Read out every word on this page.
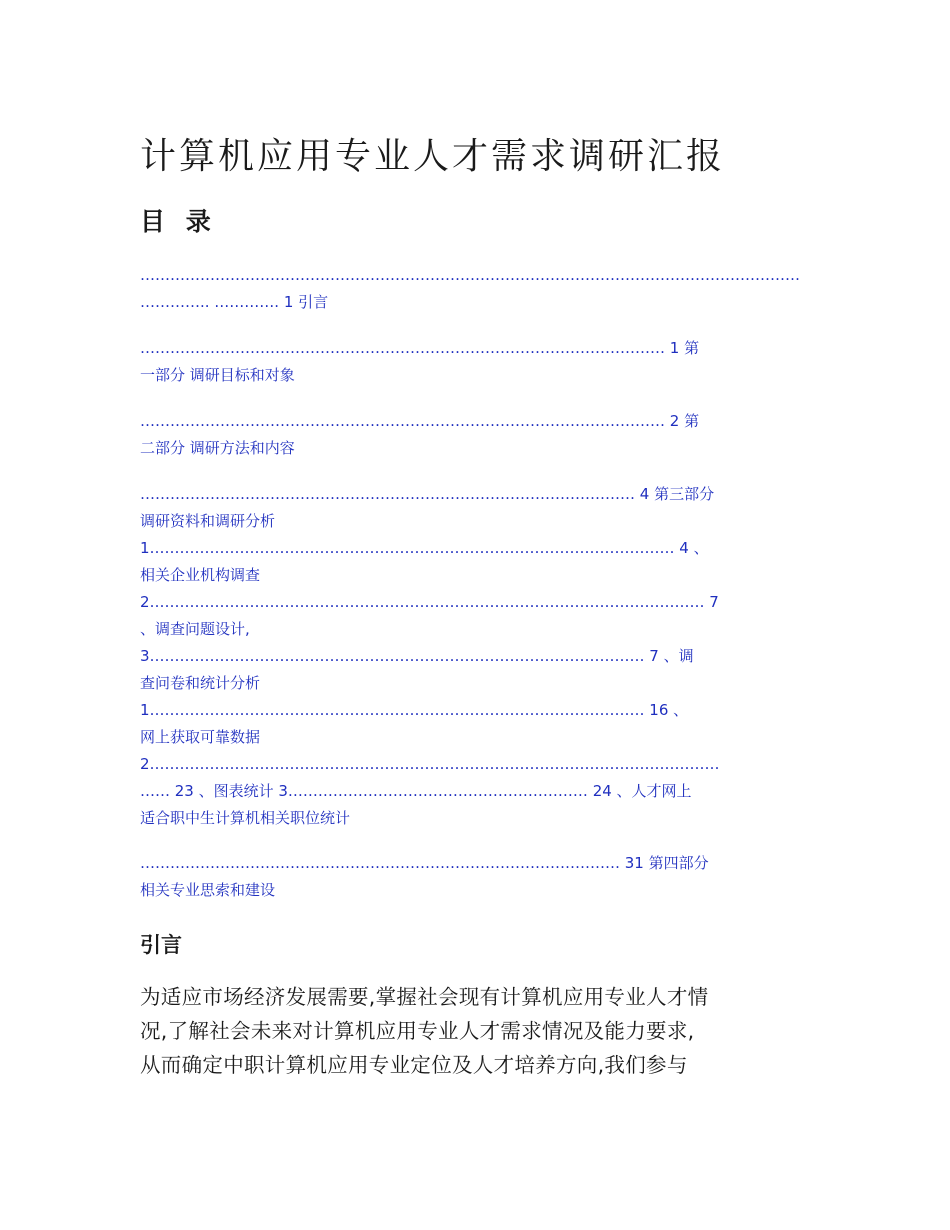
计算机应用专业人才需求调研汇报
目 录
……………………………………………………………………………………………………………………
………….. …………. 1 引言
…………………………………………………………………………………………… 1 第
一部分 调研目标和对象
…………………………………………………………………………………………… 2 第
二部分 调研方法和内容
……………………………………………………………………………………… 4 第三部分
调研资料和调研分析
1…………………………………………………………………………………………… 4 、
相关企业机构调查
2………………………………………………………………………………………………… 7
、调查问题设计,
3……………………………………………………………………………………… 7 、调
查问卷和统计分析
1……………………………………………………………………………………… 16 、
网上获取可靠数据
2……………………………………………………………………………………………………
…… 23 、图表统计 3…………………………………………………… 24 、人才网上
适合职中生计算机相关职位统计
…………………………………………………………………………………… 31 第四部分
相关专业思索和建设
引言

为适应市场经济发展需要,掌握社会现有计算机应用专业人才情
况,了解社会未来对计算机应用专业人才需求情况及能力要求,
从而确定中职计算机应用专业定位及人才培养方向,我们参与
